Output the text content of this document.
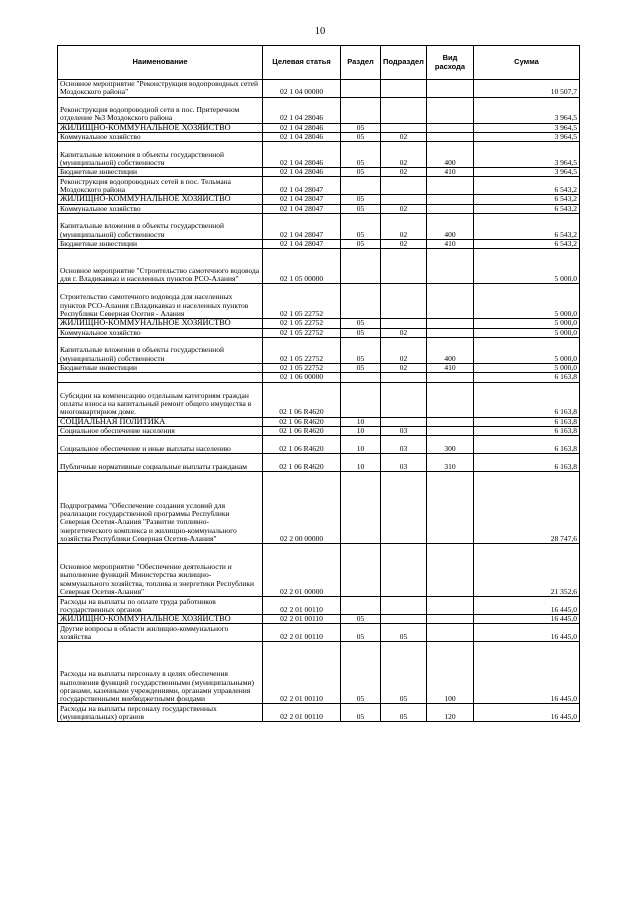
10
Наименование	Целевая статья	Раздел	Подраздел	Вид расхода	Сумма
Основное мероприятие "Реконструкция водопроводных сетей Моздокского района"	02 1 04 00000				10 507,7
Реконструкция водопроводной сети в пос. Притеречном отделение №3 Моздокского района	02 1 04 28046				3 964,5
ЖИЛИЩНО-КОММУНАЛЬНОЕ ХОЗЯЙСТВО	02 1 04 28046	05			3 964,5
Коммунальное хозяйство	02 1 04 28046	05	02		3 964,5
Капитальные вложения в объекты государственной (муниципальной) собственности	02 1 04 28046	05	02	400	3 964,5
Бюджетные инвестиции	02 1 04 28046	05	02	410	3 964,5
Реконструкция водопроводных сетей в пос. Тельмана Моздокского района	02 1 04 28047				6 543,2
ЖИЛИЩНО-КОММУНАЛЬНОЕ ХОЗЯЙСТВО	02 1 04 28047	05			6 543,2
Коммунальное хозяйство	02 1 04 28047	05	02		6 543,2
Капитальные вложения в объекты государственной (муниципальной) собственности	02 1 04 28047	05	02	400	6 543,2
Бюджетные инвестиции	02 1 04 28047	05	02	410	6 543,2
Основное мероприятие "Строительство самотечного водовода для г. Владикавказ и населенных пунктов РСО-Алания"	02 1 05 00000				5 000,0
Строительство самотечного водовода для населенных пунктов РСО-Алания г.Владикавказ и населенных пунктов Республики Северная Осетия - Алания	02 1 05 22752				5 000,0
ЖИЛИЩНО-КОММУНАЛЬНОЕ ХОЗЯЙСТВО	02 1 05 22752	05			5 000,0
Коммунальное хозяйство	02 1 05 22752	05	02		5 000,0
Капитальные вложения в объекты государственной (муниципальной) собственности	02 1 05 22752	05	02	400	5 000,0
Бюджетные инвестиции	02 1 05 22752	05	02	410	5 000,0
	02 1 06 00000				6 163,8
Субсидии на компенсацию отдельным категориям граждан оплаты взноса на капитальный ремонт общего имущества в многоквартирном доме.	02 1 06 R4620				6 163,8
СОЦИАЛЬНАЯ ПОЛИТИКА	02 1 06 R4620	10			6 163,8
Социальное обеспечение населения	02 1 06 R4620	10	03		6 163,8
Социальное обеспечение и иные выплаты населению	02 1 06 R4620	10	03	300	6 163,8
Публичные нормативные социальные выплаты гражданам	02 1 06 R4620	10	03	310	6 163,8
Подпрограмма "Обеспечение создания условий для реализации государственной программы Республики Северная Осетия-Алания "Развитие топливно-энергетического комплекса и жилищно-коммунального хозяйства Республики Северная Осетия-Алания"	02 2 00 00000				28 747,6
Основное мероприятие "Обеспечение деятельности и выполнение функций Министерства жилищно-коммунального хозяйства, топлива и энергетики Республики Северная Осетия-Алания"	02 2 01 00000				21 352,6
Расходы на выплаты по оплате труда работников государственных органов	02 2 01 00110				16 445,0
ЖИЛИЩНО-КОММУНАЛЬНОЕ ХОЗЯЙСТВО	02 2 01 00110	05			16 445,0
Другие вопросы в области жилищно-коммунального хозяйства	02 2 01 00110	05	05		16 445,0
Расходы на выплаты персоналу в целях обеспечения выполнения функций государственными (муниципальными) органами, казенными учреждениями, органами управления государственными внебюджетными фондами	02 2 01 00110	05	05	100	16 445,0
Расходы на выплаты персоналу государственных (муниципальных) органов	02 2 01 00110	05	05	120	16 445,0
